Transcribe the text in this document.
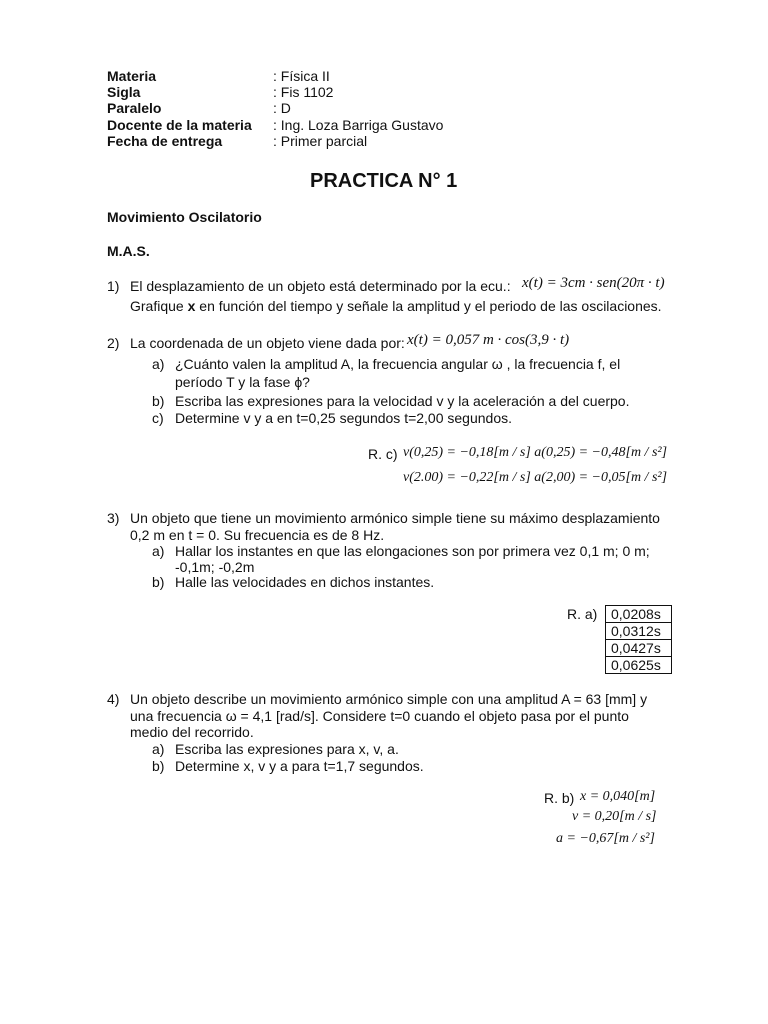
Materia	: Física II
Sigla	: Fis 1102
Paralelo	: D
Docente de la materia : Ing. Loza Barriga Gustavo
Fecha de entrega	: Primer parcial
PRACTICA N° 1
Movimiento Oscilatorio
M.A.S.
1) El desplazamiento de un objeto está determinado por la ecu.: x(t) = 3cm · sen(20π · t)
Grafique x en función del tiempo y señale la amplitud y el periodo de las oscilaciones.
2) La coordenada de un objeto viene dada por: x(t) = 0,057 m · cos(3,9 · t)
a) ¿Cuánto valen la amplitud A, la frecuencia angular ω , la frecuencia f, el
período T y la fase ϕ?
b) Escriba las expresiones para la velocidad v y la aceleración a del cuerpo.
c) Determine v y a en t=0,25 segundos t=2,00 segundos.
R. c) v(0,25) = −0,18[m / s] a(0,25) = −0,48[m / s²]
v(2.00) = −0,22[m / s] a(2,00) = −0,05[m / s²]
3) Un objeto que tiene un movimiento armónico simple tiene su máximo desplazamiento
0,2 m en t = 0. Su frecuencia es de 8 Hz.
a) Hallar los instantes en que las elongaciones son por primera vez 0,1 m; 0 m;
-0,1m; -0,2m
b) Halle las velocidades en dichos instantes.
R. a) 0,0208s
0,0312s
0,0427s
0,0625s
4) Un objeto describe un movimiento armónico simple con una amplitud A = 63 [mm] y
una frecuencia ω = 4,1 [rad/s]. Considere t=0 cuando el objeto pasa por el punto
medio del recorrido.
a) Escriba las expresiones para x, v, a.
b) Determine x, v y a para t=1,7 segundos.
R. b) x = 0,040[m]
v = 0,20[m / s]
a = −0,67[m / s²]
